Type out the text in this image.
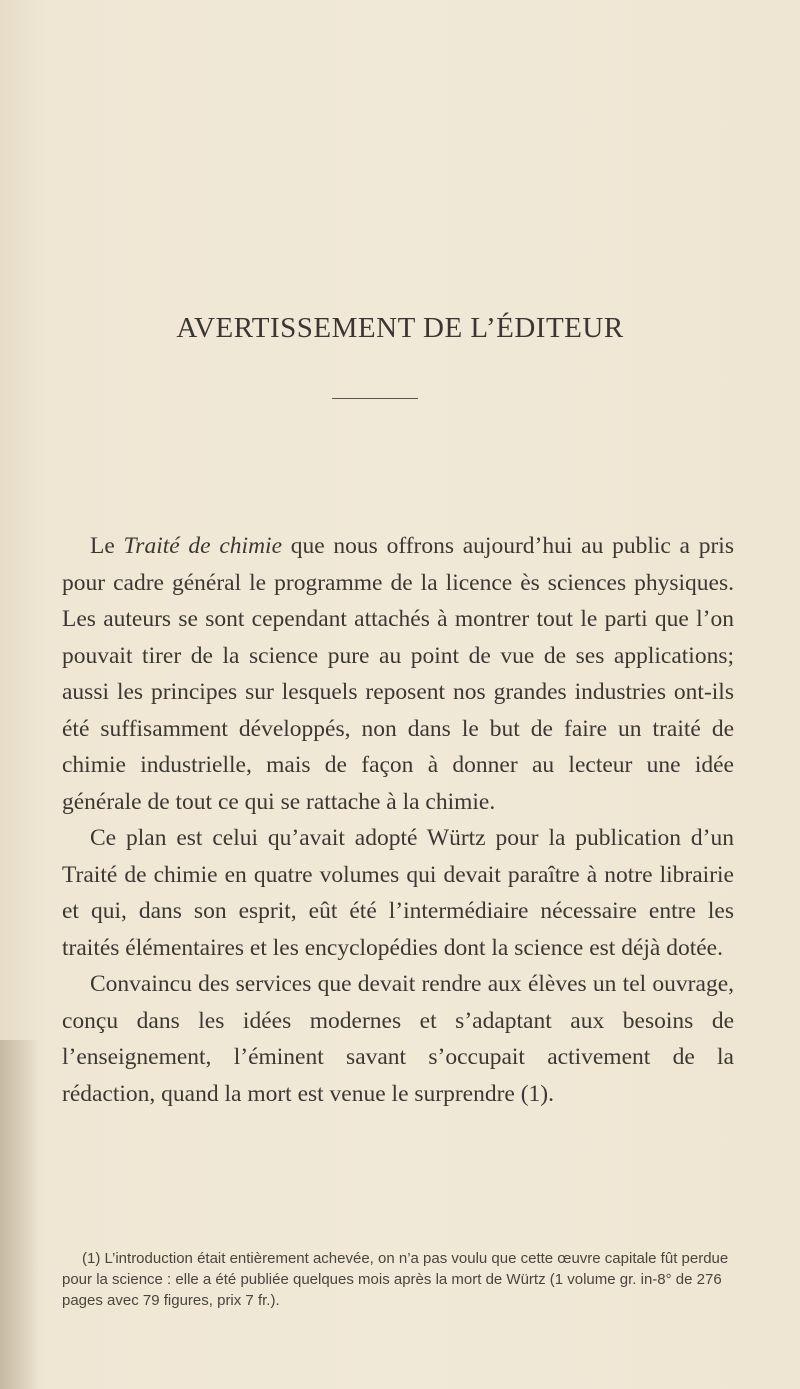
AVERTISSEMENT DE L’ÉDITEUR

Le Traité de chimie que nous offrons aujourd’hui au public a pris pour cadre général le programme de la licence ès sciences physiques. Les auteurs se sont cependant attachés à montrer tout le parti que l’on pouvait tirer de la science pure au point de vue de ses applications; aussi les principes sur lesquels reposent nos grandes industries ont-ils été suffisamment développés, non dans le but de faire un traité de chimie industrielle, mais de façon à donner au lecteur une idée générale de tout ce qui se rattache à la chimie.

Ce plan est celui qu’avait adopté Würtz pour la publication d’un Traité de chimie en quatre volumes qui devait paraître à notre librairie et qui, dans son esprit, eût été l’intermédiaire nécessaire entre les traités élémentaires et les encyclopédies dont la science est déjà dotée.

Convaincu des services que devait rendre aux élèves un tel ouvrage, conçu dans les idées modernes et s’adaptant aux besoins de l’enseignement, l’éminent savant s’occupait activement de la rédaction, quand la mort est venue le surprendre (1).

(1) L’introduction était entièrement achevée, on n’a pas voulu que cette œuvre capitale fût perdue pour la science : elle a été publiée quelques mois après la mort de Würtz (1 volume gr. in-8° de 276 pages avec 79 figures, prix 7 fr.).
